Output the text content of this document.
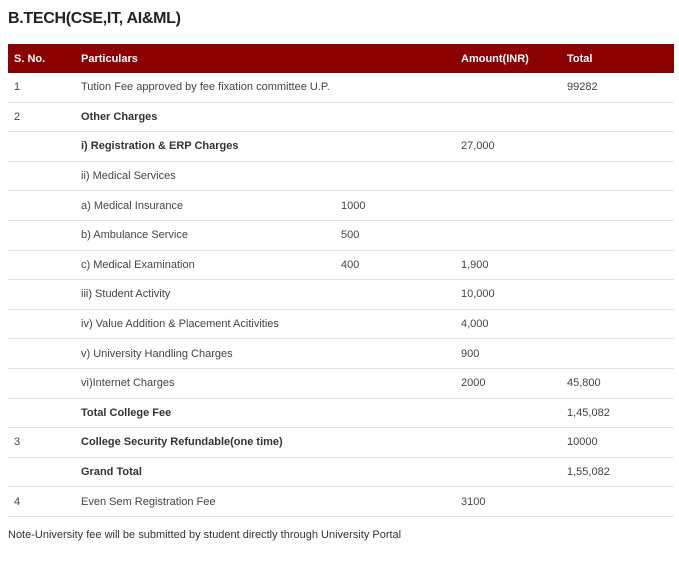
B.TECH(CSE,IT, AI&ML)
S. No.	Particulars		Amount(INR)	Total
1	Tution Fee approved by fee fixation committee U.P.			99282
2	Other Charges			
	i) Registration & ERP Charges		27,000	
	ii) Medical Services			
	a) Medical Insurance	1000		
	b) Ambulance Service	500		
	c) Medical Examination	400	1,900	
	iii) Student Activity		10,000	
	iv) Value Addition & Placement Acitivities		4,000	
	v) University Handling Charges		900	
	vi)Internet Charges		2000	45,800
	Total College Fee			1,45,082
3	College Security Refundable(one time)			10000
	Grand Total			1,55,082
4	Even Sem Registration Fee		3100	

Note-University fee will be submitted by student directly through University Portal
